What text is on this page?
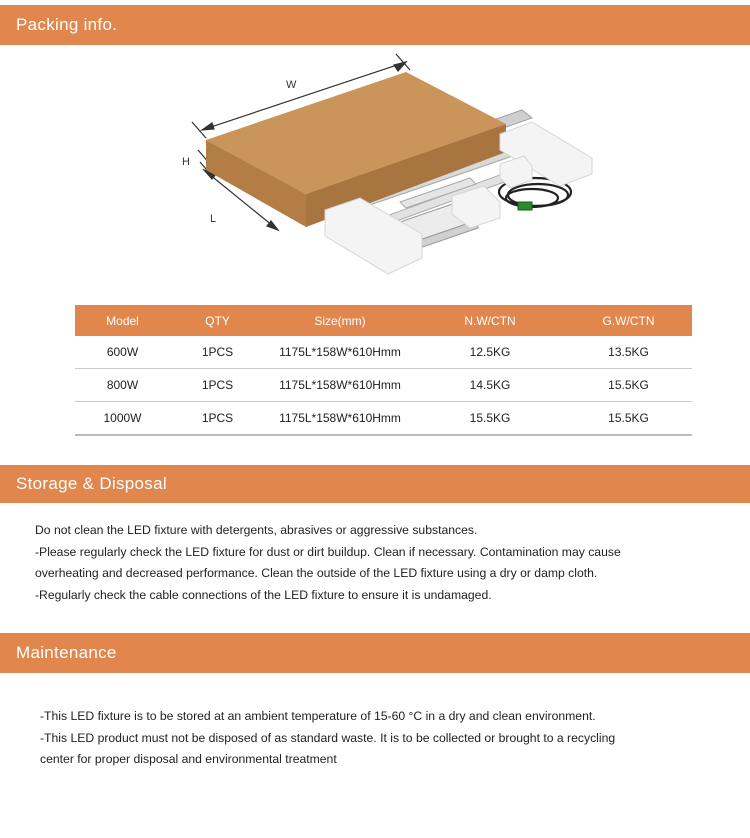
Packing info.
W
H
L
Model	QTY	Size(mm)	N.W/CTN	G.W/CTN
600W	1PCS	1175L*158W*610Hmm	12.5KG	13.5KG
800W	1PCS	1175L*158W*610Hmm	14.5KG	15.5KG
1000W	1PCS	1175L*158W*610Hmm	15.5KG	15.5KG
Storage & Disposal

Do not clean the LED fixture with detergents, abrasives or aggressive substances.

-Please regularly check the LED fixture for dust or dirt buildup. Clean if necessary. Contamination may cause

overheating and decreased performance. Clean the outside of the LED fixture using a dry or damp cloth.

-Regularly check the cable connections of the LED fixture to ensure it is undamaged.

Maintenance

-This LED fixture is to be stored at an ambient temperature of 15-60 °C in a dry and clean environment.

-This LED product must not be disposed of as standard waste. It is to be collected or brought to a recycling

center for proper disposal and environmental treatment
